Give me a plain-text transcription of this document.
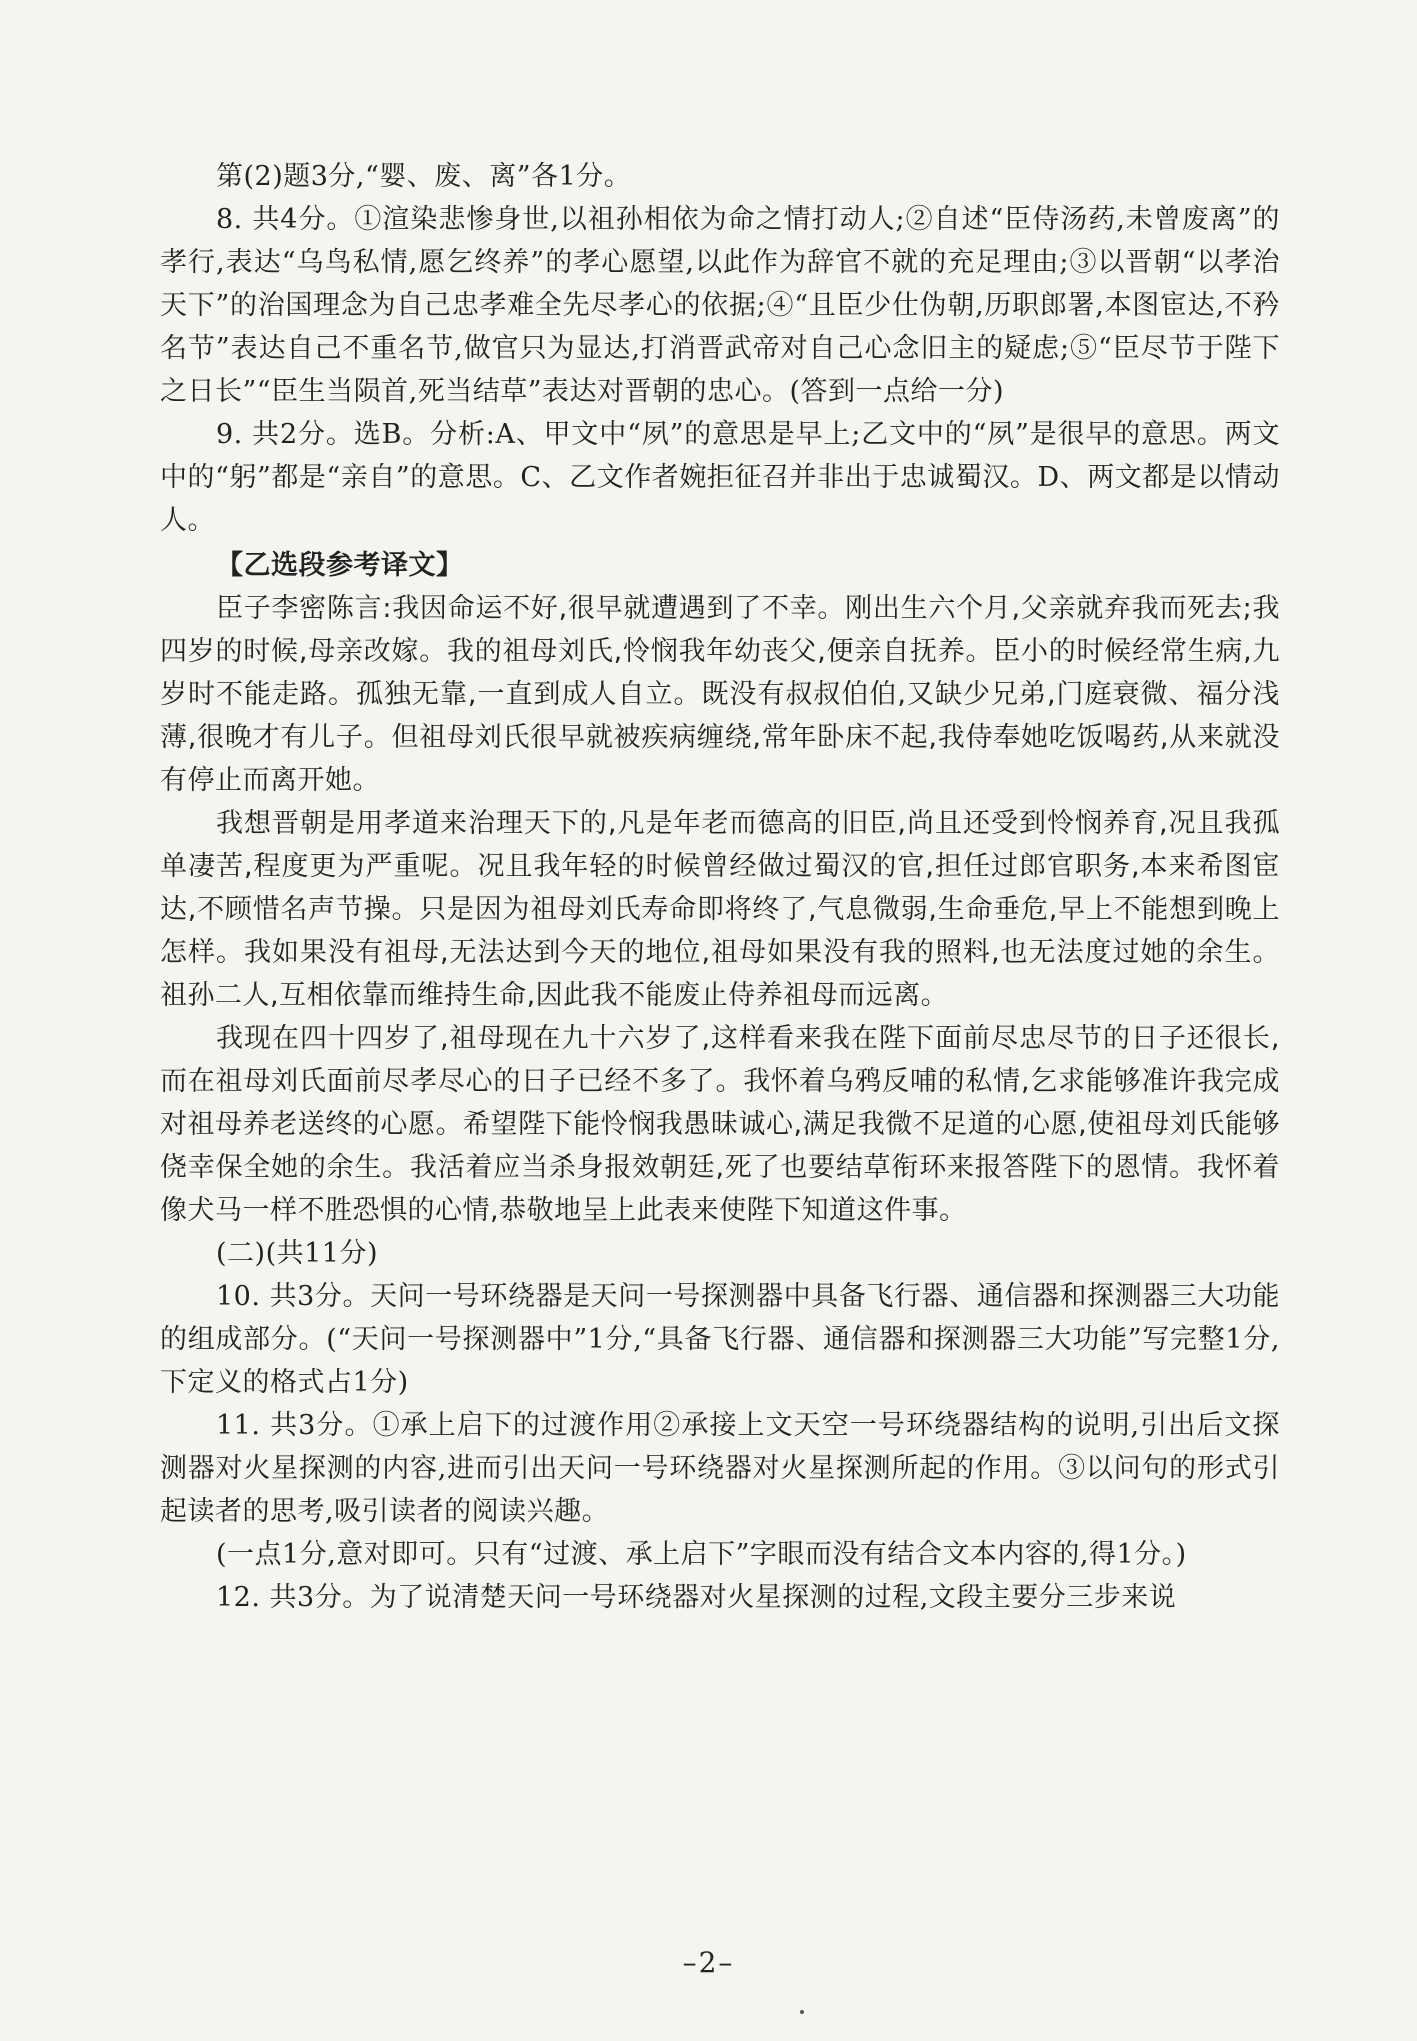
第(2)题3分,“婴、废、离”各1分。

8. 共4分。①渲染悲惨身世,以祖孙相依为命之情打动人;②自述“臣侍汤药,未曾废离”的孝行,表达“乌鸟私情,愿乞终养”的孝心愿望,以此作为辞官不就的充足理由;③以晋朝“以孝治天下”的治国理念为自己忠孝难全先尽孝心的依据;④“且臣少仕伪朝,历职郎署,本图宦达,不矜名节”表达自己不重名节,做官只为显达,打消晋武帝对自己心念旧主的疑虑;⑤“臣尽节于陛下之日长”“臣生当陨首,死当结草”表达对晋朝的忠心。(答到一点给一分)

9. 共2分。选B。分析:A、甲文中“夙”的意思是早上;乙文中的“夙”是很早的意思。两文中的“躬”都是“亲自”的意思。C、乙文作者婉拒征召并非出于忠诚蜀汉。D、两文都是以情动人。

【乙选段参考译文】

臣子李密陈言:我因命运不好,很早就遭遇到了不幸。刚出生六个月,父亲就弃我而死去;我四岁的时候,母亲改嫁。我的祖母刘氏,怜悯我年幼丧父,便亲自抚养。臣小的时候经常生病,九岁时不能走路。孤独无靠,一直到成人自立。既没有叔叔伯伯,又缺少兄弟,门庭衰微、福分浅薄,很晚才有儿子。但祖母刘氏很早就被疾病缠绕,常年卧床不起,我侍奉她吃饭喝药,从来就没有停止而离开她。

我想晋朝是用孝道来治理天下的,凡是年老而德高的旧臣,尚且还受到怜悯养育,况且我孤单凄苦,程度更为严重呢。况且我年轻的时候曾经做过蜀汉的官,担任过郎官职务,本来希图宦达,不顾惜名声节操。只是因为祖母刘氏寿命即将终了,气息微弱,生命垂危,早上不能想到晚上怎样。我如果没有祖母,无法达到今天的地位,祖母如果没有我的照料,也无法度过她的余生。祖孙二人,互相依靠而维持生命,因此我不能废止侍养祖母而远离。

我现在四十四岁了,祖母现在九十六岁了,这样看来我在陛下面前尽忠尽节的日子还很长,而在祖母刘氏面前尽孝尽心的日子已经不多了。我怀着乌鸦反哺的私情,乞求能够准许我完成对祖母养老送终的心愿。希望陛下能怜悯我愚昧诚心,满足我微不足道的心愿,使祖母刘氏能够侥幸保全她的余生。我活着应当杀身报效朝廷,死了也要结草衔环来报答陛下的恩情。我怀着像犬马一样不胜恐惧的心情,恭敬地呈上此表来使陛下知道这件事。

(二)(共11分)

10. 共3分。天问一号环绕器是天问一号探测器中具备飞行器、通信器和探测器三大功能的组成部分。(“天问一号探测器中”1分,“具备飞行器、通信器和探测器三大功能”写完整1分,下定义的格式占1分)

11. 共3分。①承上启下的过渡作用②承接上文天空一号环绕器结构的说明,引出后文探测器对火星探测的内容,进而引出天问一号环绕器对火星探测所起的作用。③以问句的形式引起读者的思考,吸引读者的阅读兴趣。

(一点1分,意对即可。只有“过渡、承上启下”字眼而没有结合文本内容的,得1分。)

12. 共3分。为了说清楚天问一号环绕器对火星探测的过程,文段主要分三步来说

–2–
